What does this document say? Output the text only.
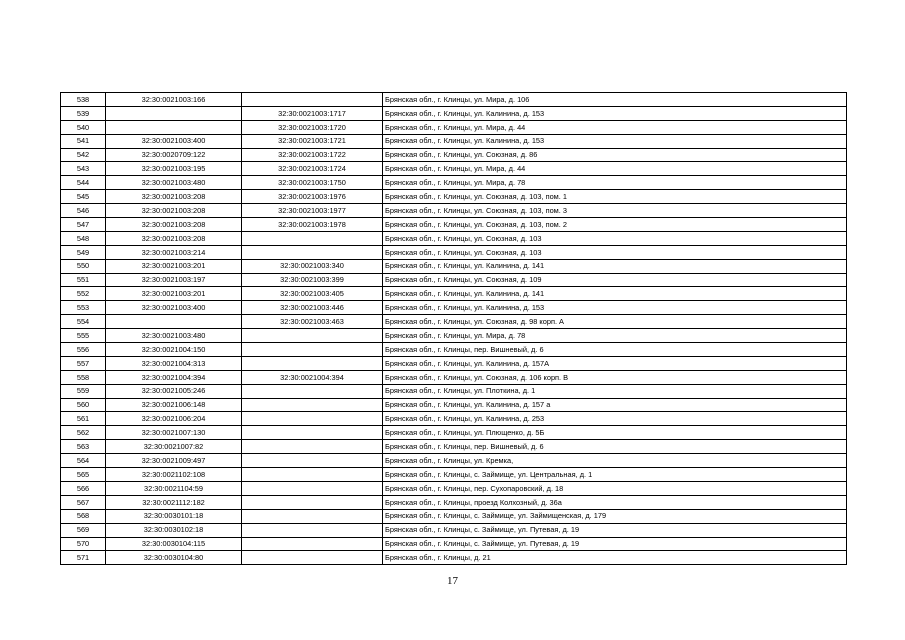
538	32:30:0021003:166		Брянская обл., г. Клинцы, ул. Мира, д. 106
539		32:30:0021003:1717	Брянская обл., г. Клинцы, ул. Калинина, д. 153
540		32:30:0021003:1720	Брянская обл., г. Клинцы, ул. Мира, д. 44
541	32:30:0021003:400	32:30:0021003:1721	Брянская обл., г. Клинцы, ул. Калинина, д. 153
542	32:30:0020709:122	32:30:0021003:1722	Брянская обл., г. Клинцы, ул. Союзная, д. 86
543	32:30:0021003:195	32:30:0021003:1724	Брянская обл., г. Клинцы, ул. Мира, д. 44
544	32:30:0021003:480	32:30:0021003:1750	Брянская обл., г. Клинцы, ул. Мира, д. 78
545	32:30:0021003:208	32:30:0021003:1976	Брянская обл., г. Клинцы, ул. Союзная, д. 103, пом. 1
546	32:30:0021003:208	32:30:0021003:1977	Брянская обл., г. Клинцы, ул. Союзная, д. 103, пом. 3
547	32:30:0021003:208	32:30:0021003:1978	Брянская обл., г. Клинцы, ул. Союзная, д. 103, пом. 2
548	32:30:0021003:208		Брянская обл., г. Клинцы, ул. Союзная, д. 103
549	32:30:0021003:214		Брянская обл., г. Клинцы, ул. Союзная, д. 103
550	32:30:0021003:201	32:30:0021003:340	Брянская обл., г. Клинцы, ул. Калинина, д. 141
551	32:30:0021003:197	32:30:0021003:399	Брянская обл., г. Клинцы, ул. Союзная, д. 109
552	32:30:0021003:201	32:30:0021003:405	Брянская обл., г. Клинцы, ул. Калинина, д. 141
553	32:30:0021003:400	32:30:0021003:446	Брянская обл., г. Клинцы, ул. Калинина, д. 153
554		32:30:0021003:463	Брянская обл., г. Клинцы, ул. Союзная, д. 98 корп. А
555	32:30:0021003:480		Брянская обл., г. Клинцы, ул. Мира, д. 78
556	32:30:0021004:150		Брянская обл., г. Клинцы, пер. Вишневый, д. 6
557	32:30:0021004:313		Брянская обл., г. Клинцы, ул. Калинина, д. 157А
558	32:30:0021004:394	32:30:0021004:394	Брянская обл., г. Клинцы, ул. Союзная, д. 106 корп. В
559	32:30:0021005:246		Брянская обл., г. Клинцы, ул. Плоткина, д. 1
560	32:30:0021006:148		Брянская обл., г. Клинцы, ул. Калинина, д. 157 а
561	32:30:0021006:204		Брянская обл., г. Клинцы, ул. Калинина, д. 253
562	32:30:0021007:130		Брянская обл., г. Клинцы, ул. Плющенко, д. 5Б
563	32:30:0021007:82		Брянская обл., г. Клинцы, пер. Вишневый, д. 6
564	32:30:0021009:497		Брянская обл., г. Клинцы, ул. Кремка,
565	32:30:0021102:108		Брянская обл., г. Клинцы, с. Займище, ул. Центральная, д. 1
566	32:30:0021104:59		Брянская обл., г. Клинцы, пер. Сухопаровский, д. 18
567	32:30:0021112:182		Брянская обл., г. Клинцы, проезд Колхозный, д. 36а
568	32:30:0030101:18		Брянская обл., г. Клинцы, с. Займище, ул. Займищенская, д. 179
569	32:30:0030102:18		Брянская обл., г. Клинцы, с. Займище, ул. Путевая, д. 19
570	32:30:0030104:115		Брянская обл., г. Клинцы, с. Займище, ул. Путевая, д. 19
571	32:30:0030104:80		Брянская обл., г. Клинцы, д. 21
17
